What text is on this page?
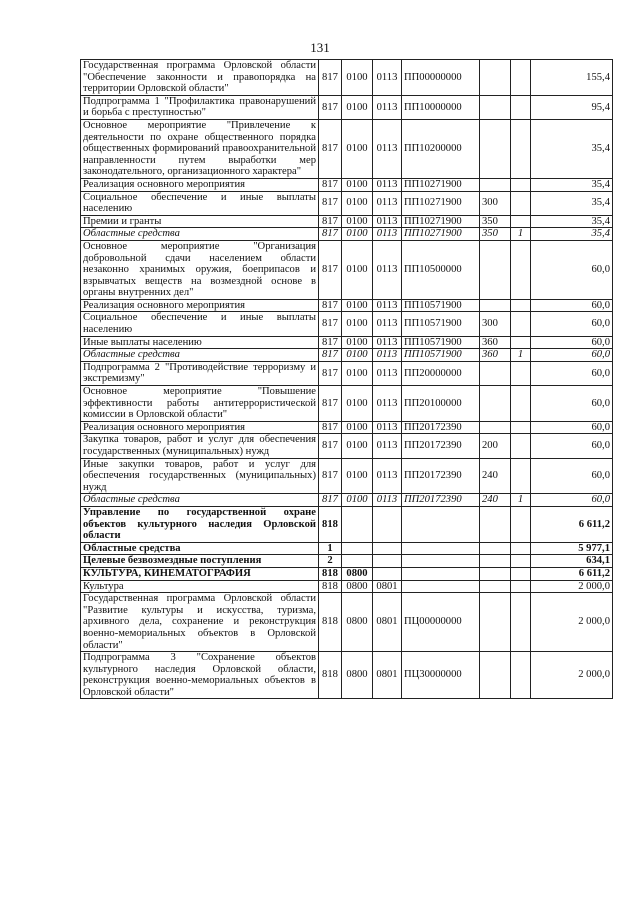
131
Государственная программа Орловской области "Обеспечение законности и правопорядка на территории Орловской области"	817	0100	0113	ПП00000000			155,4
Подпрограмма 1 "Профилактика правонарушений и борьба с преступностью"	817	0100	0113	ПП10000000			95,4
Основное мероприятие "Привлечение к деятельности по охране общественного порядка общественных формирований правоохранительной направленности путем выработки мер законодательного, организационного характера"	817	0100	0113	ПП10200000			35,4
Реализация основного мероприятия	817	0100	0113	ПП10271900			35,4
Социальное обеспечение и иные выплаты населению	817	0100	0113	ПП10271900	300		35,4
Премии и гранты	817	0100	0113	ПП10271900	350		35,4
Областные средства	817	0100	0113	ПП10271900	350	1	35,4
Основное мероприятие "Организация добровольной сдачи населением области незаконно хранимых оружия, боеприпасов и взрывчатых веществ на возмездной основе в органы внутренних дел"	817	0100	0113	ПП10500000			60,0
Реализация основного мероприятия	817	0100	0113	ПП10571900			60,0
Социальное обеспечение и иные выплаты населению	817	0100	0113	ПП10571900	300		60,0
Иные выплаты населению	817	0100	0113	ПП10571900	360		60,0
Областные средства	817	0100	0113	ПП10571900	360	1	60,0
Подпрограмма 2 "Противодействие терроризму и экстремизму"	817	0100	0113	ПП20000000			60,0
Основное мероприятие "Повышение эффективности работы антитеррористической комиссии в Орловской области"	817	0100	0113	ПП20100000			60,0
Реализация основного мероприятия	817	0100	0113	ПП20172390			60,0
Закупка товаров, работ и услуг для обеспечения государственных (муниципальных) нужд	817	0100	0113	ПП20172390	200		60,0
Иные закупки товаров, работ и услуг для обеспечения государственных (муниципальных) нужд	817	0100	0113	ПП20172390	240		60,0
Областные средства	817	0100	0113	ПП20172390	240	1	60,0
Управление по государственной охране объектов культурного наследия Орловской области	818						6 611,2
Областные средства	1						5 977,1
Целевые безвозмездные поступления	2						634,1
КУЛЬТУРА, КИНЕМАТОГРАФИЯ	818	0800					6 611,2
Культура	818	0800	0801				2 000,0
Государственная программа Орловской области "Развитие культуры и искусства, туризма, архивного дела, сохранение и реконструкция военно-мемориальных объектов в Орловской области"	818	0800	0801	ПЦ00000000			2 000,0
Подпрограмма 3 "Сохранение объектов культурного наследия Орловской области, реконструкция военно-мемориальных объектов в Орловской области"	818	0800	0801	ПЦ30000000			2 000,0
